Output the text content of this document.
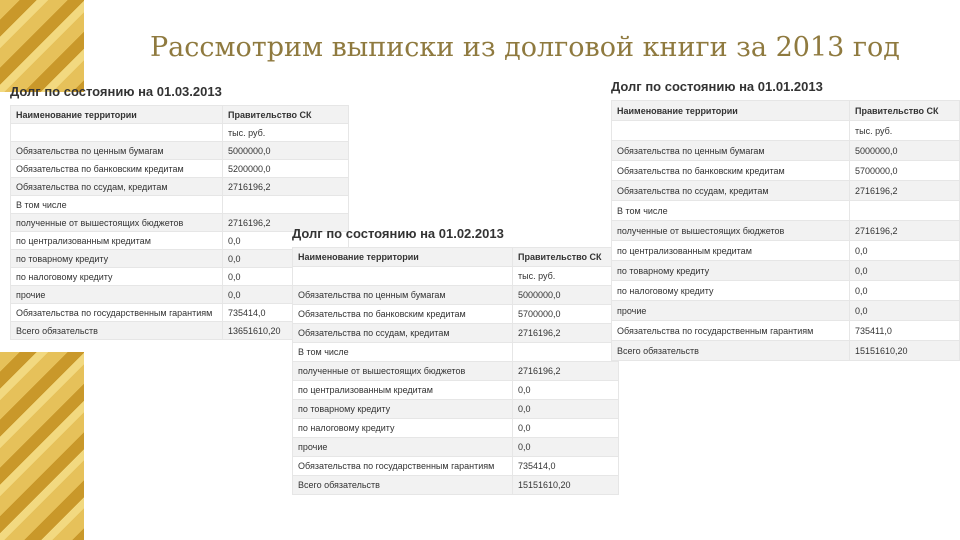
Рассмотрим выписки из долговой книги за 2013 год
Долг по состоянию на 01.03.2013
Наименование территории	Правительство СК
	тыс. руб.
Обязательства по ценным бумагам	5000000,0
Обязательства по банковским кредитам	5200000,0
Обязательства по ссудам, кредитам	2716196,2
В том числе	
полученные от вышестоящих бюджетов	2716196,2
по централизованным кредитам	0,0
по товарному кредиту	0,0
по налоговому кредиту	0,0
прочие	0,0
Обязательства по государственным гарантиям	735414,0
Всего обязательств	13651610,20
Долг по состоянию на 01.02.2013
Наименование территории	Правительство СК
	тыс. руб.
Обязательства по ценным бумагам	5000000,0
Обязательства по банковским кредитам	5700000,0
Обязательства по ссудам, кредитам	2716196,2
В том числе	
полученные от вышестоящих бюджетов	2716196,2
по централизованным кредитам	0,0
по товарному кредиту	0,0
по налоговому кредиту	0,0
прочие	0,0
Обязательства по государственным гарантиям	735414,0
Всего обязательств	15151610,20
Долг по состоянию на 01.01.2013
Наименование территории	Правительство СК
	тыс. руб.
Обязательства по ценным бумагам	5000000,0
Обязательства по банковским кредитам	5700000,0
Обязательства по ссудам, кредитам	2716196,2
В том числе	
полученные от вышестоящих бюджетов	2716196,2
по централизованным кредитам	0,0
по товарному кредиту	0,0
по налоговому кредиту	0,0
прочие	0,0
Обязательства по государственным гарантиям	735411,0
Всего обязательств	15151610,20
